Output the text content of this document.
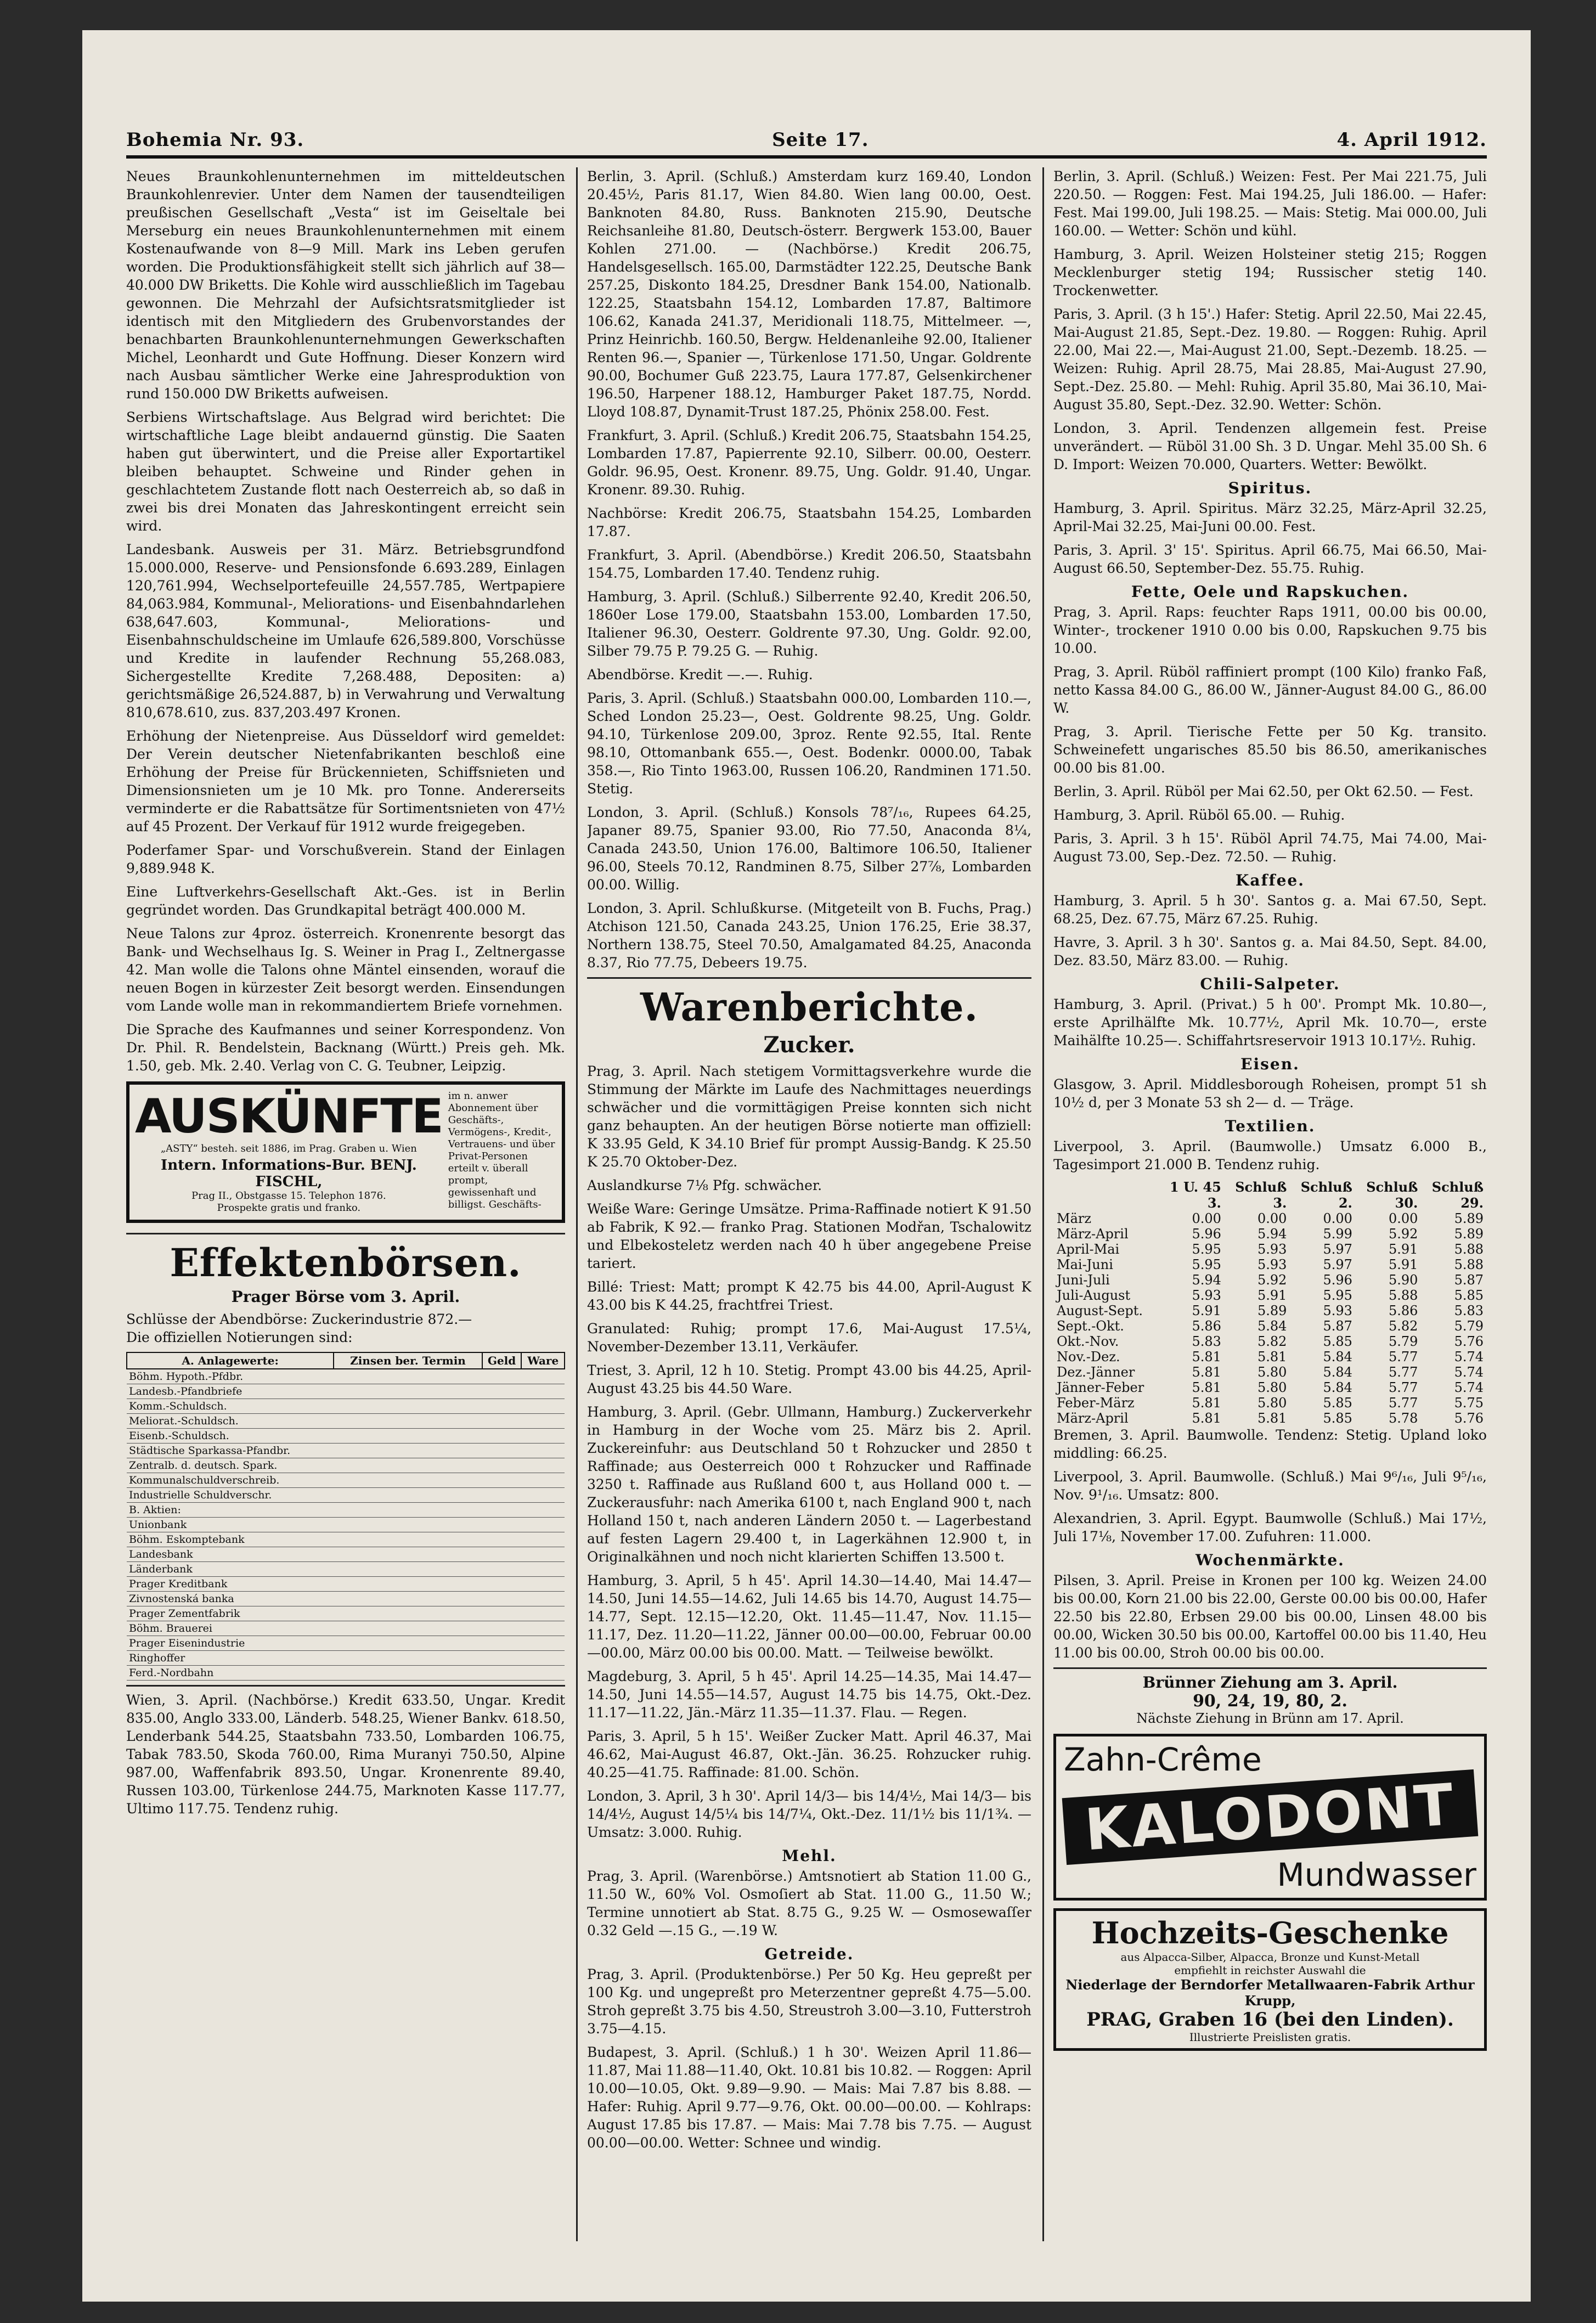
Bohemia Nr. 93.	Seite 17.	4. April 1912.

Neues Braunkohlenunternehmen im mitteldeutschen Braunkohlenrevier. Unter dem Namen der tausendteiligen preußischen Gesellschaft „Vesta“ ist im Geiseltale bei Merseburg ein neues Braunkohlenunternehmen mit einem Kostenaufwande von 8—9 Mill. Mark ins Leben gerufen worden. Die Produktionsfähigkeit stellt sich jährlich auf 38—40.000 DW Briketts. Die Kohle wird ausschließlich im Tagebau gewonnen. Die Mehrzahl der Aufsichtsratsmitglieder ist identisch mit den Mitgliedern des Grubenvorstandes der benachbarten Braunkohlenunternehmungen Gewerkschaften Michel, Leonhardt und Gute Hoffnung. Dieser Konzern wird nach Ausbau sämtlicher Werke eine Jahresproduktion von rund 150.000 DW Briketts aufweisen.

Serbiens Wirtschaftslage. Aus Belgrad wird berichtet: Die wirtschaftliche Lage bleibt andauernd günstig. Die Saaten haben gut überwintert, und die Preise aller Exportartikel bleiben behauptet. Schweine und Rinder gehen in geschlachtetem Zustande flott nach Oesterreich ab, so daß in zwei bis drei Monaten das Jahreskontingent erreicht sein wird.

Landesbank. Ausweis per 31. März. Betriebsgrundfond 15.000.000, Reserve- und Pensionsfonde 6.693.289, Einlagen 120,761.994, Wechselportefeuille 24,557.785, Wertpapiere 84,063.984, Kommunal-, Meliorations- und Eisenbahndarlehen 638,647.603, Kommunal-, Meliorations- und Eisenbahnschuldscheine im Umlaufe 626,589.800, Vorschüsse und Kredite in laufender Rechnung 55,268.083, Sichergestellte Kredite 7,268.488, Depositen: a) gerichtsmäßige 26,524.887, b) in Verwahrung und Verwaltung 810,678.610, zus. 837,203.497 Kronen.

Erhöhung der Nietenpreise. Aus Düsseldorf wird gemeldet: Der Verein deutscher Nietenfabrikanten beschloß eine Erhöhung der Preise für Brückennieten, Schiffsnieten und Dimensionsnieten um je 10 Mk. pro Tonne. Andererseits verminderte er die Rabattsätze für Sortimentsnieten von 47½ auf 45 Prozent. Der Verkauf für 1912 wurde freigegeben.

Poderfamer Spar- und Vorschußverein. Stand der Einlagen 9,889.948 K.

Eine Luftverkehrs-Gesellschaft Akt.-Ges. ist in Berlin gegründet worden. Das Grundkapital beträgt 400.000 M.

Neue Talons zur 4proz. österreich. Kronenrente besorgt das Bank- und Wechselhaus Ig. S. Weiner in Prag I., Zeltnergasse 42. Man wolle die Talons ohne Mäntel einsenden, worauf die neuen Bogen in kürzester Zeit besorgt werden. Einsendungen vom Lande wolle man in rekommandiertem Briefe vornehmen.

Die Sprache des Kaufmannes und seiner Korrespondenz. Von Dr. Phil. R. Bendelstein, Backnang (Württ.) Preis geh. Mk. 1.50, geb. Mk. 2.40. Verlag von C. G. Teubner, Leipzig.

AUSKÜNFTE
„ASTY“ besteh. seit 1886, im Prag. Graben u. Wien
Intern. Informations-Bur. BENJ. FISCHL,
Prag II., Obstgasse 15. Telephon 1876.
Prospekte gratis und franko.
im n. anwer Abonnement über Geschäfts-, Vermögens-, Kredit-, Vertrauens- und über Privat-Personen erteilt v. überall prompt, gewissenhaft und billigst. Geschäfts-
Effektenbörsen.
Prager Börse vom 3. April.

Schlüsse der Abendbörse: Zuckerindustrie 872.—

Die offiziellen Notierungen sind:

A. Anlagewerte:	Zinsen ber. Termin	Geld	Ware
Böhm. Hypoth.-Pfdbr.			
Landesb.-Pfandbriefe			
Komm.-Schuldsch.			
Meliorat.-Schuldsch.			
Eisenb.-Schuldsch.			
Städtische Sparkassa-Pfandbr.			
Zentralb. d. deutsch. Spark.			
Kommunalschuldverschreib.			
Industrielle Schuldverschr.			
B. Aktien:			
Unionbank			
Böhm. Eskomptebank			
Landesbank			
Länderbank			
Prager Kreditbank			
Zivnostenská banka			
Prager Zementfabrik			
Böhm. Brauerei			
Prager Eisenindustrie			
Ringhoffer			
Ferd.-Nordbahn			

Wien, 3. April. (Nachbörse.) Kredit 633.50, Ungar. Kredit 835.00, Anglo 333.00, Länderb. 548.25, Wiener Bankv. 618.50, Lenderbank 544.25, Staatsbahn 733.50, Lombarden 106.75, Tabak 783.50, Skoda 760.00, Rima Muranyi 750.50, Alpine 987.00, Waffenfabrik 893.50, Ungar. Kronenrente 89.40, Russen 103.00, Türkenlose 244.75, Marknoten Kasse 117.77, Ultimo 117.75. Tendenz ruhig.

Berlin, 3. April. (Schluß.) Amsterdam kurz 169.40, London 20.45½, Paris 81.17, Wien 84.80. Wien lang 00.00, Oest. Banknoten 84.80, Russ. Banknoten 215.90, Deutsche Reichsanleihe 81.80, Deutsch-österr. Bergwerk 153.00, Bauer Kohlen 271.00. — (Nachbörse.) Kredit 206.75, Handelsgesellsch. 165.00, Darmstädter 122.25, Deutsche Bank 257.25, Diskonto 184.25, Dresdner Bank 154.00, Nationalb. 122.25, Staatsbahn 154.12, Lombarden 17.87, Baltimore 106.62, Kanada 241.37, Meridionali 118.75, Mittelmeer. —, Prinz Heinrichb. 160.50, Bergw. Heldenanleihe 92.00, Italiener Renten 96.—, Spanier —, Türkenlose 171.50, Ungar. Goldrente 90.00, Bochumer Guß 223.75, Laura 177.87, Gelsenkirchener 196.50, Harpener 188.12, Hamburger Paket 187.75, Nordd. Lloyd 108.87, Dynamit-Trust 187.25, Phönix 258.00. Fest.

Frankfurt, 3. April. (Schluß.) Kredit 206.75, Staatsbahn 154.25, Lombarden 17.87, Papierrente 92.10, Silberr. 00.00, Oesterr. Goldr. 96.95, Oest. Kronenr. 89.75, Ung. Goldr. 91.40, Ungar. Kronenr. 89.30. Ruhig.

Nachbörse: Kredit 206.75, Staatsbahn 154.25, Lombarden 17.87.

Frankfurt, 3. April. (Abendbörse.) Kredit 206.50, Staatsbahn 154.75, Lombarden 17.40. Tendenz ruhig.

Hamburg, 3. April. (Schluß.) Silberrente 92.40, Kredit 206.50, 1860er Lose 179.00, Staatsbahn 153.00, Lombarden 17.50, Italiener 96.30, Oesterr. Goldrente 97.30, Ung. Goldr. 92.00, Silber 79.75 P. 79.25 G. — Ruhig.

Abendbörse. Kredit —.—. Ruhig.

Paris, 3. April. (Schluß.) Staatsbahn 000.00, Lombarden 110.—, Sched London 25.23—, Oest. Goldrente 98.25, Ung. Goldr. 94.10, Türkenlose 209.00, 3proz. Rente 92.55, Ital. Rente 98.10, Ottomanbank 655.—, Oest. Bodenkr. 0000.00, Tabak 358.—, Rio Tinto 1963.00, Russen 106.20, Randminen 171.50. Stetig.

London, 3. April. (Schluß.) Konsols 78⁷/₁₆, Rupees 64.25, Japaner 89.75, Spanier 93.00, Rio 77.50, Anaconda 8¼, Canada 243.50, Union 176.00, Baltimore 106.50, Italiener 96.00, Steels 70.12, Randminen 8.75, Silber 27⅞, Lombarden 00.00. Willig.

London, 3. April. Schlußkurse. (Mitgeteilt von B. Fuchs, Prag.) Atchison 121.50, Canada 243.25, Union 176.25, Erie 38.37, Northern 138.75, Steel 70.50, Amalgamated 84.25, Anaconda 8.37, Rio 77.75, Debeers 19.75.

Warenberichte.
Zucker.

Prag, 3. April. Nach stetigem Vormittagsverkehre wurde die Stimmung der Märkte im Laufe des Nachmittages neuerdings schwächer und die vormittägigen Preise konnten sich nicht ganz behaupten. An der heutigen Börse notierte man offiziell: K 33.95 Geld, K 34.10 Brief für prompt Aussig-Bandg. K 25.50 K 25.70 Oktober-Dez.

Auslandkurse 7⅛ Pfg. schwächer.

Weiße Ware: Geringe Umsätze. Prima-Raffinade notiert K 91.50 ab Fabrik, K 92.— franko Prag. Stationen Modřan, Tschalowitz und Elbekosteletz werden nach 40 h über angegebene Preise tariert.

Billé: Triest: Matt; prompt K 42.75 bis 44.00, April-August K 43.00 bis K 44.25, frachtfrei Triest.

Granulated: Ruhig; prompt 17.6, Mai-August 17.5¼, November-Dezember 13.11, Verkäufer.

Triest, 3. April, 12 h 10. Stetig. Prompt 43.00 bis 44.25, April-August 43.25 bis 44.50 Ware.

Hamburg, 3. April. (Gebr. Ullmann, Hamburg.) Zuckerverkehr in Hamburg in der Woche vom 25. März bis 2. April. Zuckereinfuhr: aus Deutschland 50 t Rohzucker und 2850 t Raffinade; aus Oesterreich 000 t Rohzucker und Raffinade 3250 t. Raffinade aus Rußland 600 t, aus Holland 000 t. — Zuckerausfuhr: nach Amerika 6100 t, nach England 900 t, nach Holland 150 t, nach anderen Ländern 2050 t. — Lagerbestand auf festen Lagern 29.400 t, in Lagerkähnen 12.900 t, in Originalkähnen und noch nicht klarierten Schiffen 13.500 t.

Hamburg, 3. April, 5 h 45'. April 14.30—14.40, Mai 14.47—14.50, Juni 14.55—14.62, Juli 14.65 bis 14.70, August 14.75—14.77, Sept. 12.15—12.20, Okt. 11.45—11.47, Nov. 11.15—11.17, Dez. 11.20—11.22, Jänner 00.00—00.00, Februar 00.00—00.00, März 00.00 bis 00.00. Matt. — Teilweise bewölkt.

Magdeburg, 3. April, 5 h 45'. April 14.25—14.35, Mai 14.47—14.50, Juni 14.55—14.57, August 14.75 bis 14.75, Okt.-Dez. 11.17—11.22, Jän.-März 11.35—11.37. Flau. — Regen.

Paris, 3. April, 5 h 15'. Weißer Zucker Matt. April 46.37, Mai 46.62, Mai-August 46.87, Okt.-Jän. 36.25. Rohzucker ruhig. 40.25—41.75. Raffinade: 81.00. Schön.

London, 3. April, 3 h 30'. April 14/3— bis 14/4½, Mai 14/3— bis 14/4½, August 14/5¼ bis 14/7¼, Okt.-Dez. 11/1½ bis 11/1¾. — Umsatz: 3.000. Ruhig.

Mehl.

Prag, 3. April. (Warenbörse.) Amtsnotiert ab Station 11.00 G., 11.50 W., 60% Vol. Osmoſiert ab Stat. 11.00 G., 11.50 W.; Termine unnotiert ab Stat. 8.75 G., 9.25 W. — Osmosewaſſer 0.32 Geld —.15 G., —.19 W.

Getreide.

Prag, 3. April. (Produktenbörse.) Per 50 Kg. Heu gepreßt per 100 Kg. und ungepreßt pro Meterzentner gepreßt 4.75—5.00. Stroh gepreßt 3.75 bis 4.50, Streustroh 3.00—3.10, Futterstroh 3.75—4.15.

Budapest, 3. April. (Schluß.) 1 h 30'. Weizen April 11.86—11.87, Mai 11.88—11.40, Okt. 10.81 bis 10.82. — Roggen: April 10.00—10.05, Okt. 9.89—9.90. — Mais: Mai 7.87 bis 8.88. — Hafer: Ruhig. April 9.77—9.76, Okt. 00.00—00.00. — Kohlraps: August 17.85 bis 17.87. — Mais: Mai 7.78 bis 7.75. — August 00.00—00.00. Wetter: Schnee und windig.

Berlin, 3. April. (Schluß.) Weizen: Fest. Per Mai 221.75, Juli 220.50. — Roggen: Fest. Mai 194.25, Juli 186.00. — Hafer: Fest. Mai 199.00, Juli 198.25. — Mais: Stetig. Mai 000.00, Juli 160.00. — Wetter: Schön und kühl.

Hamburg, 3. April. Weizen Holsteiner stetig 215; Roggen Mecklenburger stetig 194; Russischer stetig 140. Trockenwetter.

Paris, 3. April. (3 h 15'.) Hafer: Stetig. April 22.50, Mai 22.45, Mai-August 21.85, Sept.-Dez. 19.80. — Roggen: Ruhig. April 22.00, Mai 22.—, Mai-August 21.00, Sept.-Dezemb. 18.25. — Weizen: Ruhig. April 28.75, Mai 28.85, Mai-August 27.90, Sept.-Dez. 25.80. — Mehl: Ruhig. April 35.80, Mai 36.10, Mai-August 35.80, Sept.-Dez. 32.90. Wetter: Schön.

London, 3. April. Tendenzen allgemein fest. Preise unverändert. — Rüböl 31.00 Sh. 3 D. Ungar. Mehl 35.00 Sh. 6 D. Import: Weizen 70.000, Quarters. Wetter: Bewölkt.

Spiritus.

Hamburg, 3. April. Spiritus. März 32.25, März-April 32.25, April-Mai 32.25, Mai-Juni 00.00. Fest.

Paris, 3. April. 3' 15'. Spiritus. April 66.75, Mai 66.50, Mai-August 66.50, September-Dez. 55.75. Ruhig.

Fette, Oele und Rapskuchen.

Prag, 3. April. Raps: feuchter Raps 1911, 00.00 bis 00.00, Winter-, trockener 1910 0.00 bis 0.00, Rapskuchen 9.75 bis 10.00.

Prag, 3. April. Rüböl raffiniert prompt (100 Kilo) franko Faß, netto Kassa 84.00 G., 86.00 W., Jänner-August 84.00 G., 86.00 W.

Prag, 3. April. Tierische Fette per 50 Kg. transito. Schweinefett ungarisches 85.50 bis 86.50, amerikanisches 00.00 bis 81.00.

Berlin, 3. April. Rüböl per Mai 62.50, per Okt 62.50. — Fest.

Hamburg, 3. April. Rüböl 65.00. — Ruhig.

Paris, 3. April. 3 h 15'. Rüböl April 74.75, Mai 74.00, Mai-August 73.00, Sep.-Dez. 72.50. — Ruhig.

Kaffee.

Hamburg, 3. April. 5 h 30'. Santos g. a. Mai 67.50, Sept. 68.25, Dez. 67.75, März 67.25. Ruhig.

Havre, 3. April. 3 h 30'. Santos g. a. Mai 84.50, Sept. 84.00, Dez. 83.50, März 83.00. — Ruhig.

Chili-Salpeter.

Hamburg, 3. April. (Privat.) 5 h 00'. Prompt Mk. 10.80—, erste Aprilhälfte Mk. 10.77½, April Mk. 10.70—, erste Maihälfte 10.25—. Schiffahrtsreservoir 1913 10.17½. Ruhig.

Eisen.

Glasgow, 3. April. Middlesborough Roheisen, prompt 51 sh 10½ d, per 3 Monate 53 sh 2— d. — Träge.

Textilien.

Liverpool, 3. April. (Baumwolle.) Umsatz 6.000 B., Tagesimport 21.000 B. Tendenz ruhig.

	1 U. 45	Schluß	Schluß	Schluß	Schluß
	3.	3.	2.	30.	29.
März	0.00	0.00	0.00	0.00	5.89
März-April	5.96	5.94	5.99	5.92	5.89
April-Mai	5.95	5.93	5.97	5.91	5.88
Mai-Juni	5.95	5.93	5.97	5.91	5.88
Juni-Juli	5.94	5.92	5.96	5.90	5.87
Juli-August	5.93	5.91	5.95	5.88	5.85
August-Sept.	5.91	5.89	5.93	5.86	5.83
Sept.-Okt.	5.86	5.84	5.87	5.82	5.79
Okt.-Nov.	5.83	5.82	5.85	5.79	5.76
Nov.-Dez.	5.81	5.81	5.84	5.77	5.74
Dez.-Jänner	5.81	5.80	5.84	5.77	5.74
Jänner-Feber	5.81	5.80	5.84	5.77	5.74
Feber-März	5.81	5.80	5.85	5.77	5.75
März-April	5.81	5.81	5.85	5.78	5.76

Bremen, 3. April. Baumwolle. Tendenz: Stetig. Upland loko middling: 66.25.

Liverpool, 3. April. Baumwolle. (Schluß.) Mai 9⁶/₁₆, Juli 9⁵/₁₆, Nov. 9¹/₁₆. Umsatz: 800.

Alexandrien, 3. April. Egypt. Baumwolle (Schluß.) Mai 17½, Juli 17⅛, November 17.00. Zufuhren: 11.000.

Wochenmärkte.

Pilsen, 3. April. Preise in Kronen per 100 kg. Weizen 24.00 bis 00.00, Korn 21.00 bis 22.00, Gerste 00.00 bis 00.00, Hafer 22.50 bis 22.80, Erbsen 29.00 bis 00.00, Linsen 48.00 bis 00.00, Wicken 30.50 bis 00.00, Kartoffel 00.00 bis 11.40, Heu 11.00 bis 00.00, Stroh 00.00 bis 00.00.

Brünner Ziehung am 3. April.
90, 24, 19, 80, 2.
Nächste Ziehung in Brünn am 17. April.
Zahn-Crême
KALODONT
Mundwasser
Hochzeits-Geschenke
aus Alpacca-Silber, Alpacca, Bronze und Kunst-Metall
empfiehlt in reichster Auswahl die
Niederlage der Berndorfer Metallwaaren-Fabrik Arthur Krupp,
PRAG, Graben 16 (bei den Linden).
Illustrierte Preislisten gratis.
